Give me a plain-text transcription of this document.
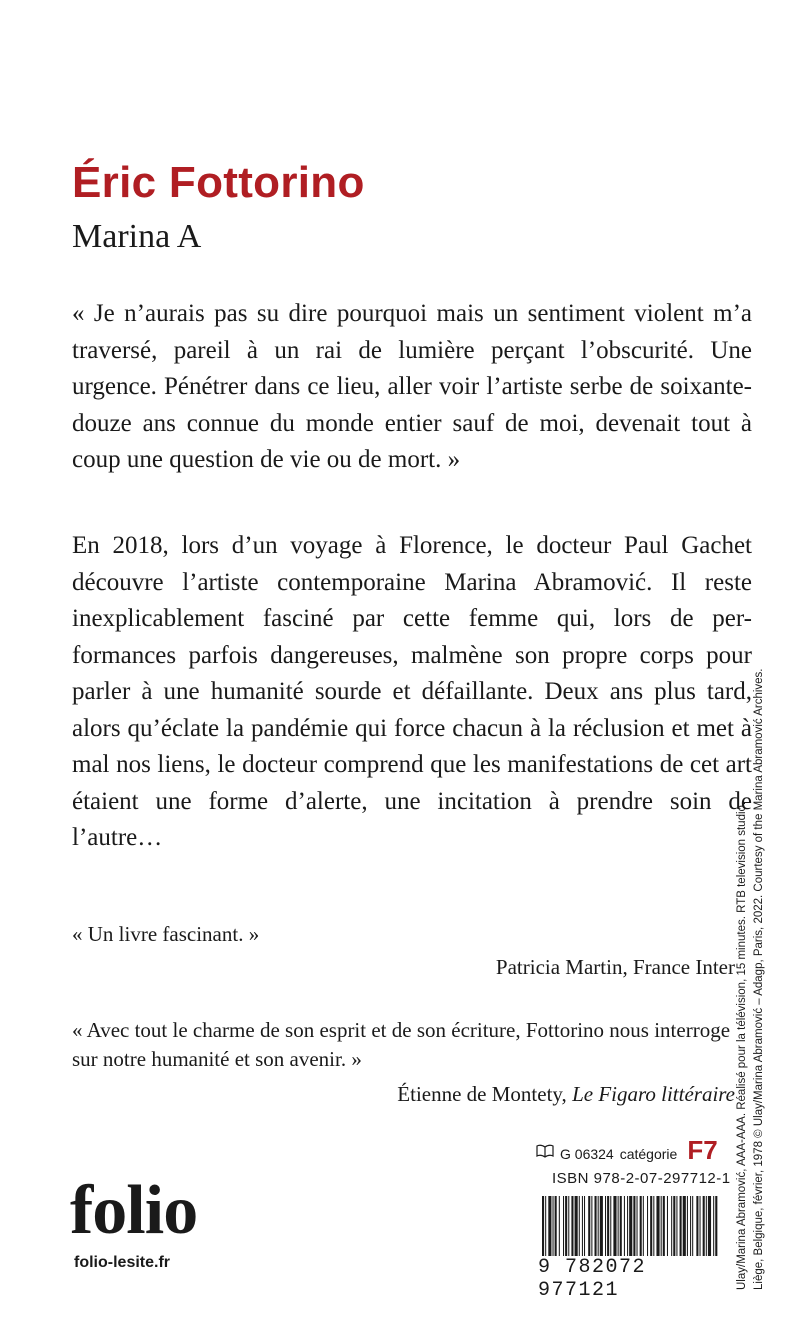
Éric Fottorino
Marina A

« Je n’aurais pas su dire pourquoi mais un sentiment violent m’a traversé, pareil à un rai de lumière perçant l’obscurité. Une urgence. Pénétrer dans ce lieu, aller voir l’artiste serbe de soixante-douze ans connue du monde entier sauf de moi, devenait tout à coup une question de vie ou de mort. »

En 2018, lors d’un voyage à Florence, le docteur Paul Gachet découvre l’artiste contemporaine Marina Abramović. Il reste inexplicablement fasciné par cette femme qui, lors de per-formances parfois dangereuses, malmène son propre corps pour parler à une humanité sourde et défaillante. Deux ans plus tard, alors qu’éclate la pandémie qui force chacun à la réclusion et met à mal nos liens, le docteur comprend que les manifestations de cet art étaient une forme d’alerte, une incitation à prendre soin de l’autre…

« Un livre fascinant. »

Patricia Martin, France Inter

« Avec tout le charme de son esprit et de son écriture, Fottorino nous interroge sur notre humanité et son avenir. »

Étienne de Montety, Le Figaro littéraire

G 06324 catégorie F7
ISBN 978-2-07-297712-1
9 782072 977121
folio
folio-lesite.fr	Ulay/Marina Abramović, AAA-AAA. Réalisé pour la télévision, 15 minutes. RTB television studio. Liège, Belgique, février, 1978 © Ulay/Marina Abramović – Adagp, Paris, 2022. Courtesy of the Marina Abramović Archives.
